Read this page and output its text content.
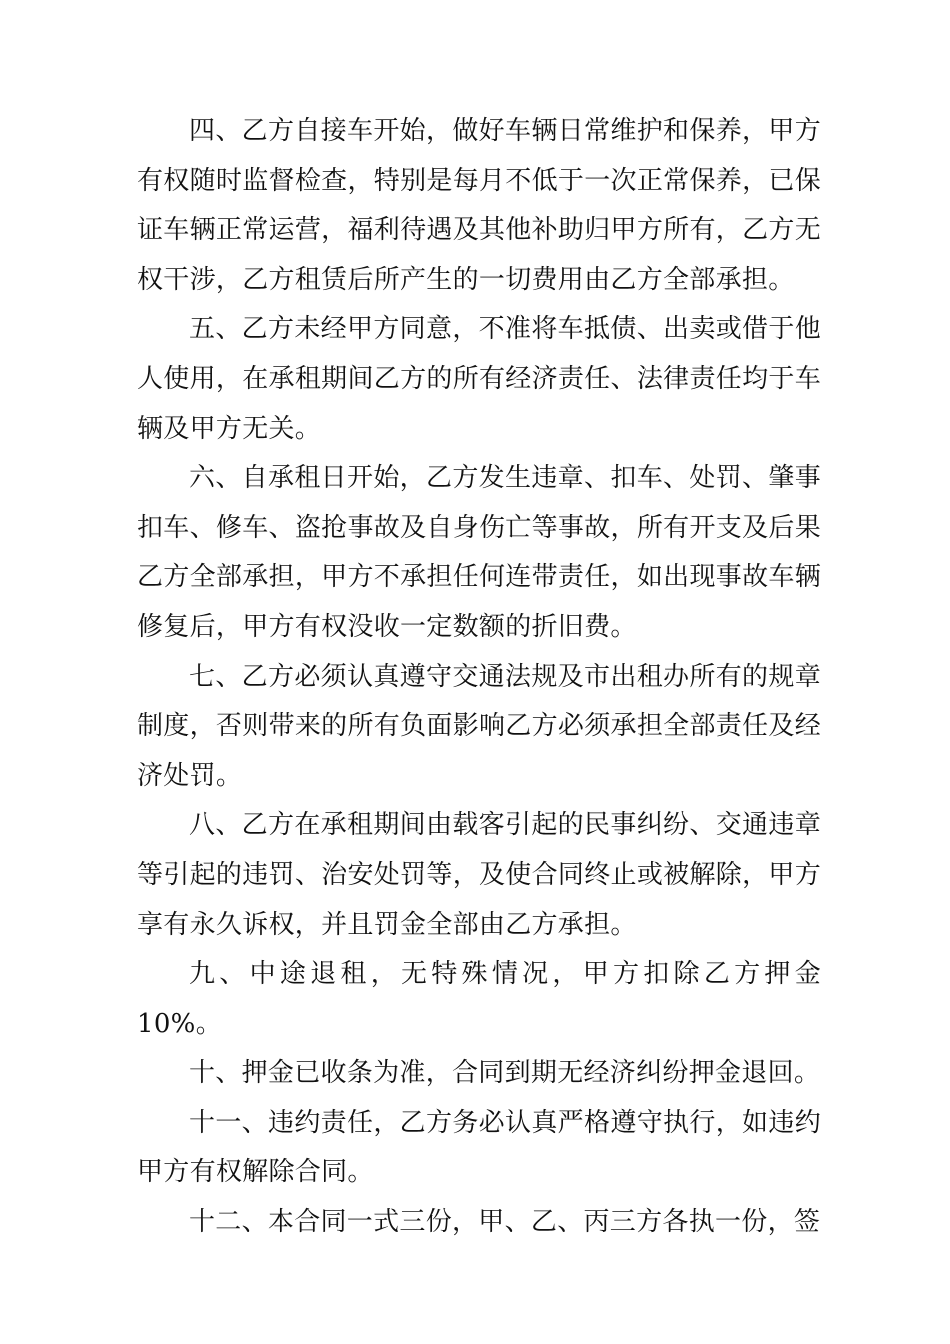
四、乙方自接车开始，做好车辆日常维护和保养，甲方有权随时监督检查，特别是每月不低于一次正常保养，已保证车辆正常运营，福利待遇及其他补助归甲方所有，乙方无权干涉，乙方租赁后所产生的一切费用由乙方全部承担。

五、乙方未经甲方同意，不准将车抵债、出卖或借于他人使用，在承租期间乙方的所有经济责任、法律责任均于车辆及甲方无关。

六、自承租日开始，乙方发生违章、扣车、处罚、肇事扣车、修车、盗抢事故及自身伤亡等事故，所有开支及后果乙方全部承担，甲方不承担任何连带责任，如出现事故车辆修复后，甲方有权没收一定数额的折旧费。

七、乙方必须认真遵守交通法规及市出租办所有的规章制度，否则带来的所有负面影响乙方必须承担全部责任及经济处罚。

八、乙方在承租期间由载客引起的民事纠纷、交通违章等引起的违罚、治安处罚等，及使合同终止或被解除，甲方享有永久诉权，并且罚金全部由乙方承担。

九、中途退租，无特殊情况，甲方扣除乙方押金10%。

十、押金已收条为准，合同到期无经济纠纷押金退回。

十一、违约责任，乙方务必认真严格遵守执行，如违约甲方有权解除合同。

十二、本合同一式三份，甲、乙、丙三方各执一份，签
